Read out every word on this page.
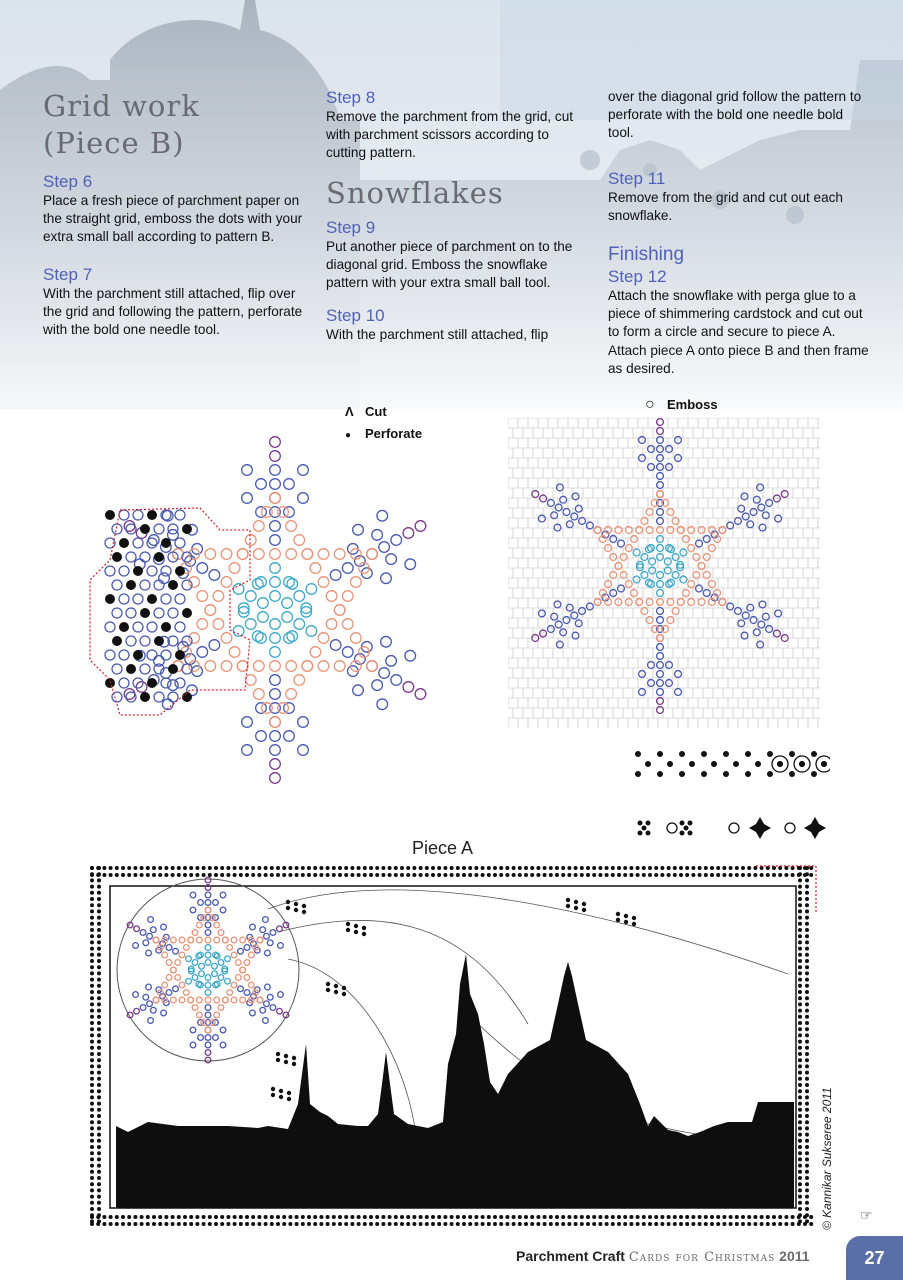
Grid work
(Piece B)
Step 6

Place a fresh piece of parchment paper on the straight grid, emboss the dots with your extra small ball according to pattern B.

Step 7

With the parchment still attached, flip over the grid and following the pattern, perforate with the bold one needle tool.

Step 8

Remove the parchment from the grid, cut with parchment scissors according to cutting pattern.

Snowflakes
Step 9

Put another piece of parchment on to the diagonal grid. Emboss the snowflake pattern with your extra small ball tool.

Step 10

With the parchment still attached, flip

over the diagonal grid follow the pattern to perforate with the bold one needle bold tool.

Step 11

Remove from the grid and cut out each snowflake.

Finishing
Step 12

Attach the snowflake with perga glue to a piece of shimmering cardstock and cut out to form a circle and secure to piece A. Attach piece A onto piece B and then frame as desired.

Λ Cut
● Perforate
○ Emboss
Piece A
© Kannikar Sukseree 2011 ☞
Parchment Craft Cards for Christmas 2011	27
